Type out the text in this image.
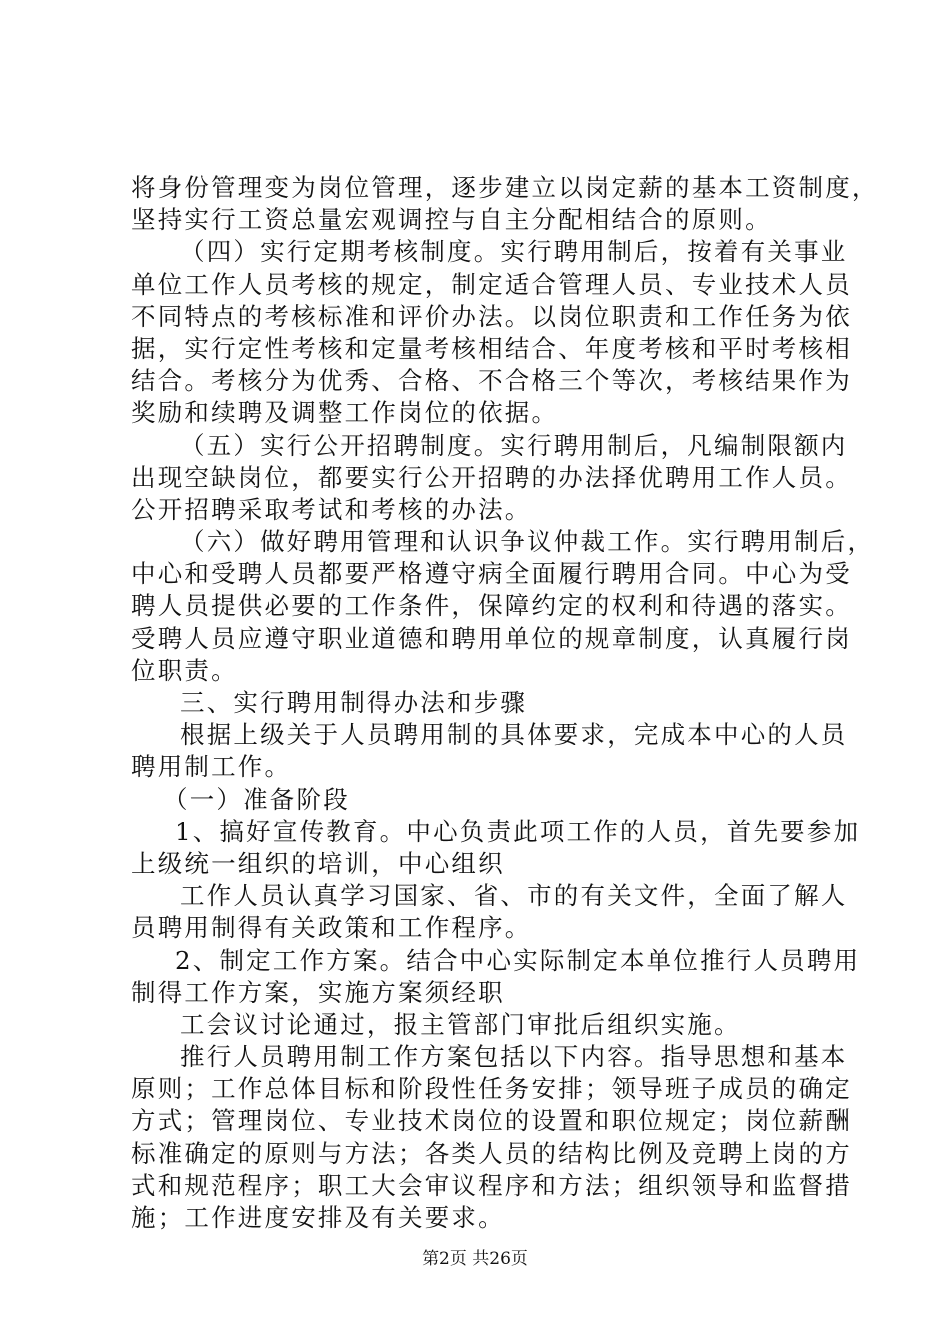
将身份管理变为岗位管理，逐步建立以岗定薪的基本工资制度，
坚持实行工资总量宏观调控与自主分配相结合的原则。
（四）实行定期考核制度。实行聘用制后，按着有关事业
单位工作人员考核的规定，制定适合管理人员、专业技术人员
不同特点的考核标准和评价办法。以岗位职责和工作任务为依
据，实行定性考核和定量考核相结合、年度考核和平时考核相
结合。考核分为优秀、合格、不合格三个等次，考核结果作为
奖励和续聘及调整工作岗位的依据。
（五）实行公开招聘制度。实行聘用制后，凡编制限额内
出现空缺岗位，都要实行公开招聘的办法择优聘用工作人员。
公开招聘采取考试和考核的办法。
（六）做好聘用管理和认识争议仲裁工作。实行聘用制后，
中心和受聘人员都要严格遵守病全面履行聘用合同。中心为受
聘人员提供必要的工作条件，保障约定的权利和待遇的落实。
受聘人员应遵守职业道德和聘用单位的规章制度，认真履行岗
位职责。
三、实行聘用制得办法和步骤
根据上级关于人员聘用制的具体要求，完成本中心的人员
聘用制工作。
（一）准备阶段
1、搞好宣传教育。中心负责此项工作的人员，首先要参加
上级统一组织的培训，中心组织
工作人员认真学习国家、省、市的有关文件，全面了解人
员聘用制得有关政策和工作程序。
2、制定工作方案。结合中心实际制定本单位推行人员聘用
制得工作方案，实施方案须经职
工会议讨论通过，报主管部门审批后组织实施。
推行人员聘用制工作方案包括以下内容。指导思想和基本
原则；工作总体目标和阶段性任务安排；领导班子成员的确定
方式；管理岗位、专业技术岗位的设置和职位规定；岗位薪酬
标准确定的原则与方法；各类人员的结构比例及竞聘上岗的方
式和规范程序；职工大会审议程序和方法；组织领导和监督措
施；工作进度安排及有关要求。
第2页 共26页
